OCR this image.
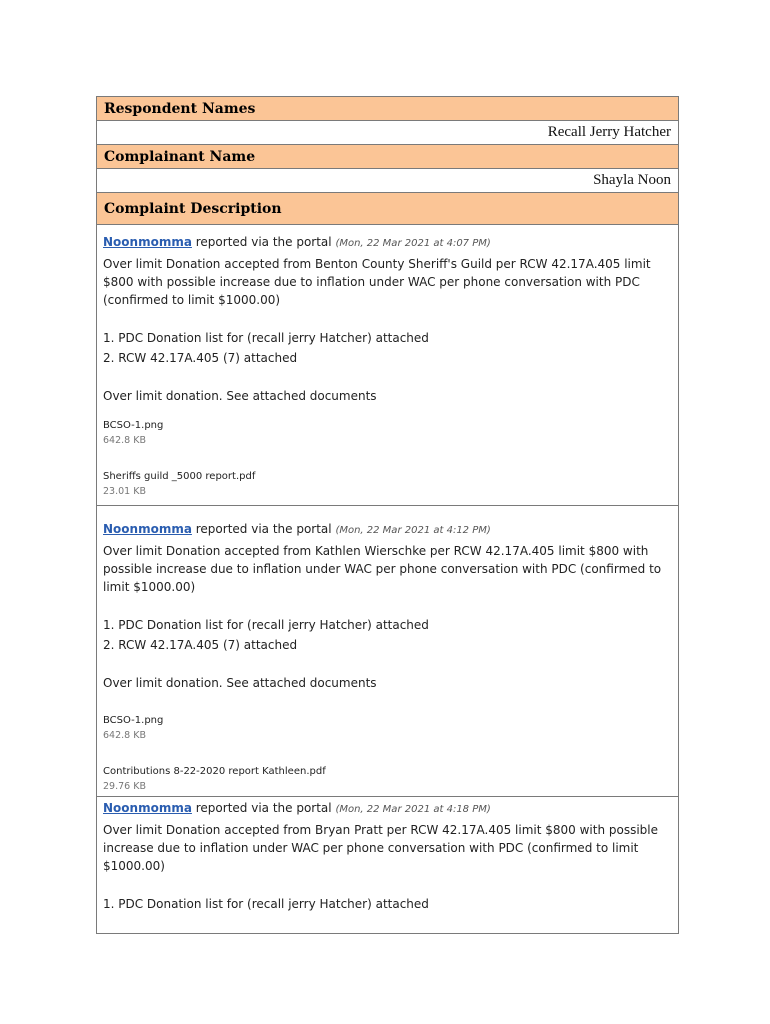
Respondent Names
Recall Jerry Hatcher
Complainant Name
Shayla Noon
Complaint Description

Noonmomma reported via the portal (Mon, 22 Mar 2021 at 4:07 PM)

Over limit Donation accepted from Benton County Sheriff's Guild per RCW 42.17A.405 limit $800 with possible increase due to inflation under WAC per phone conversation with PDC (confirmed to limit $1000.00)

1. PDC Donation list for (recall jerry Hatcher) attached

2. RCW 42.17A.405 (7) attached

Over limit donation. See attached documents

BCSO-1.png
642.8 KB
Sheriffs guild _5000 report.pdf
23.01 KB

Noonmomma reported via the portal (Mon, 22 Mar 2021 at 4:12 PM)

Over limit Donation accepted from Kathlen Wierschke per RCW 42.17A.405 limit $800 with possible increase due to inflation under WAC per phone conversation with PDC (confirmed to limit $1000.00)

1. PDC Donation list for (recall jerry Hatcher) attached

2. RCW 42.17A.405 (7) attached

Over limit donation. See attached documents

BCSO-1.png
642.8 KB
Contributions 8-22-2020 report Kathleen.pdf
29.76 KB

Noonmomma reported via the portal (Mon, 22 Mar 2021 at 4:18 PM)

Over limit Donation accepted from Bryan Pratt per RCW 42.17A.405 limit $800 with possible increase due to inflation under WAC per phone conversation with PDC (confirmed to limit $1000.00)

1. PDC Donation list for (recall jerry Hatcher) attached
